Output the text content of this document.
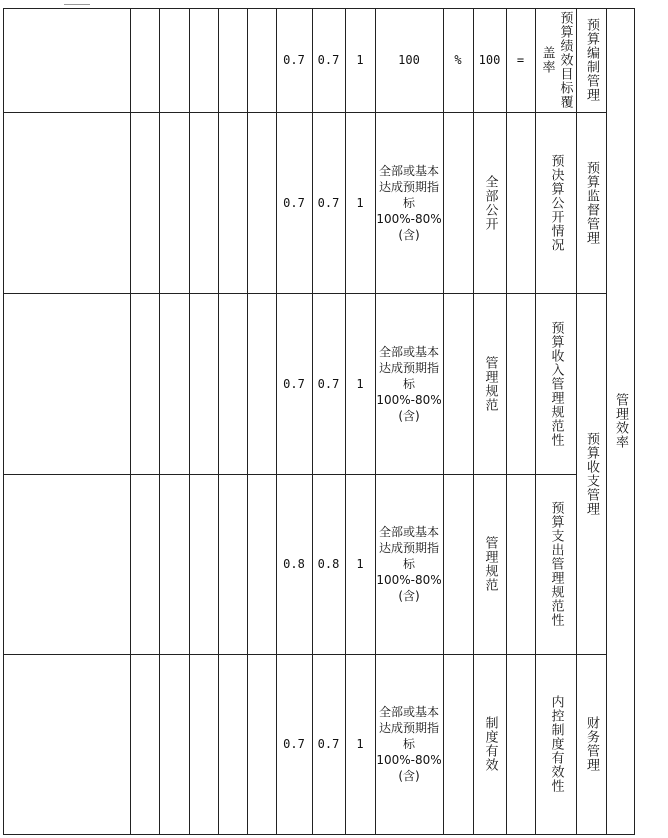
管理效率
预算编制管理
预算监督管理
预算收支管理
财务管理
预算绩效目标覆盖率
预决算公开情况
预算收入管理规范性
预算支出管理规范性
内控制度有效性
=
% 100
全部公开
管理规范
管理规范
制度有效
100
全部或基本达成预期指标100%-80%(含)
全部或基本达成预期指标100%-80%(含)
全部或基本达成预期指标100%-80%(含)
全部或基本达成预期指标100%-80%(含)
1
1
1
1
1
0.7
0.7
0.7
0.8
0.7
0.7
0.7
0.7
0.8
0.7
